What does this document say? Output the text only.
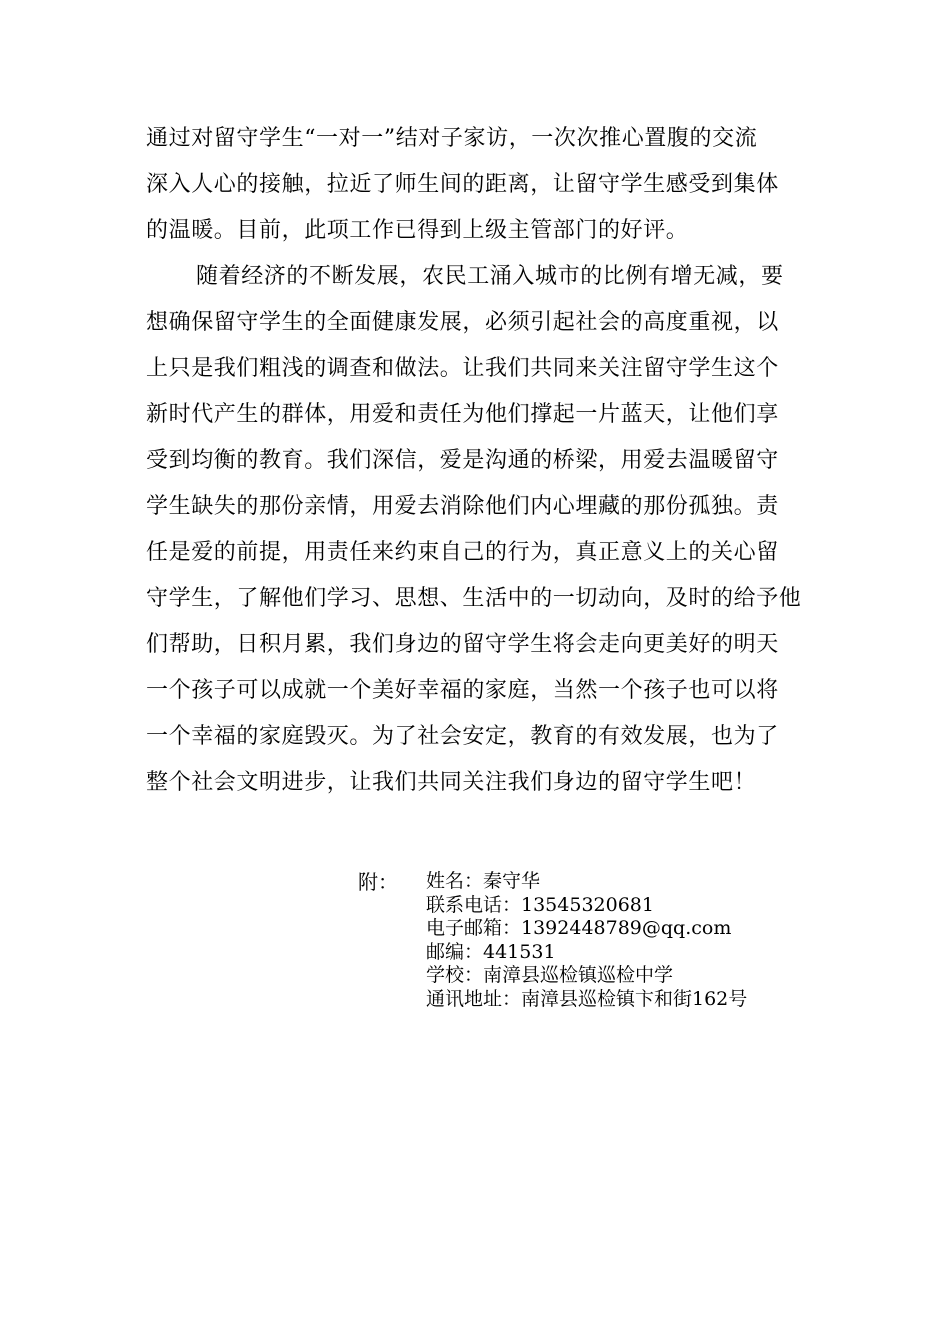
通过对留守学生“一对一”结对子家访，一次次推心置腹的交流
深入人心的接触，拉近了师生间的距离，让留守学生感受到集体
的温暖。目前，此项工作已得到上级主管部门的好评。
随着经济的不断发展，农民工涌入城市的比例有增无减，要
想确保留守学生的全面健康发展，必须引起社会的高度重视，以
上只是我们粗浅的调查和做法。让我们共同来关注留守学生这个
新时代产生的群体，用爱和责任为他们撑起一片蓝天，让他们享
受到均衡的教育。我们深信，爱是沟通的桥梁，用爱去温暖留守
学生缺失的那份亲情，用爱去消除他们内心埋藏的那份孤独。责
任是爱的前提，用责任来约束自己的行为，真正意义上的关心留
守学生，了解他们学习、思想、生活中的一切动向，及时的给予他
们帮助，日积月累，我们身边的留守学生将会走向更美好的明天
一个孩子可以成就一个美好幸福的家庭，当然一个孩子也可以将
一个幸福的家庭毁灭。为了社会安定，教育的有效发展，也为了
整个社会文明进步，让我们共同关注我们身边的留守学生吧！
附： 姓名：秦守华
联系电话：13545320681
电子邮箱：1392448789@qq.com
邮编：441531
学校：南漳县巡检镇巡检中学
通讯地址：南漳县巡检镇卞和街162号
